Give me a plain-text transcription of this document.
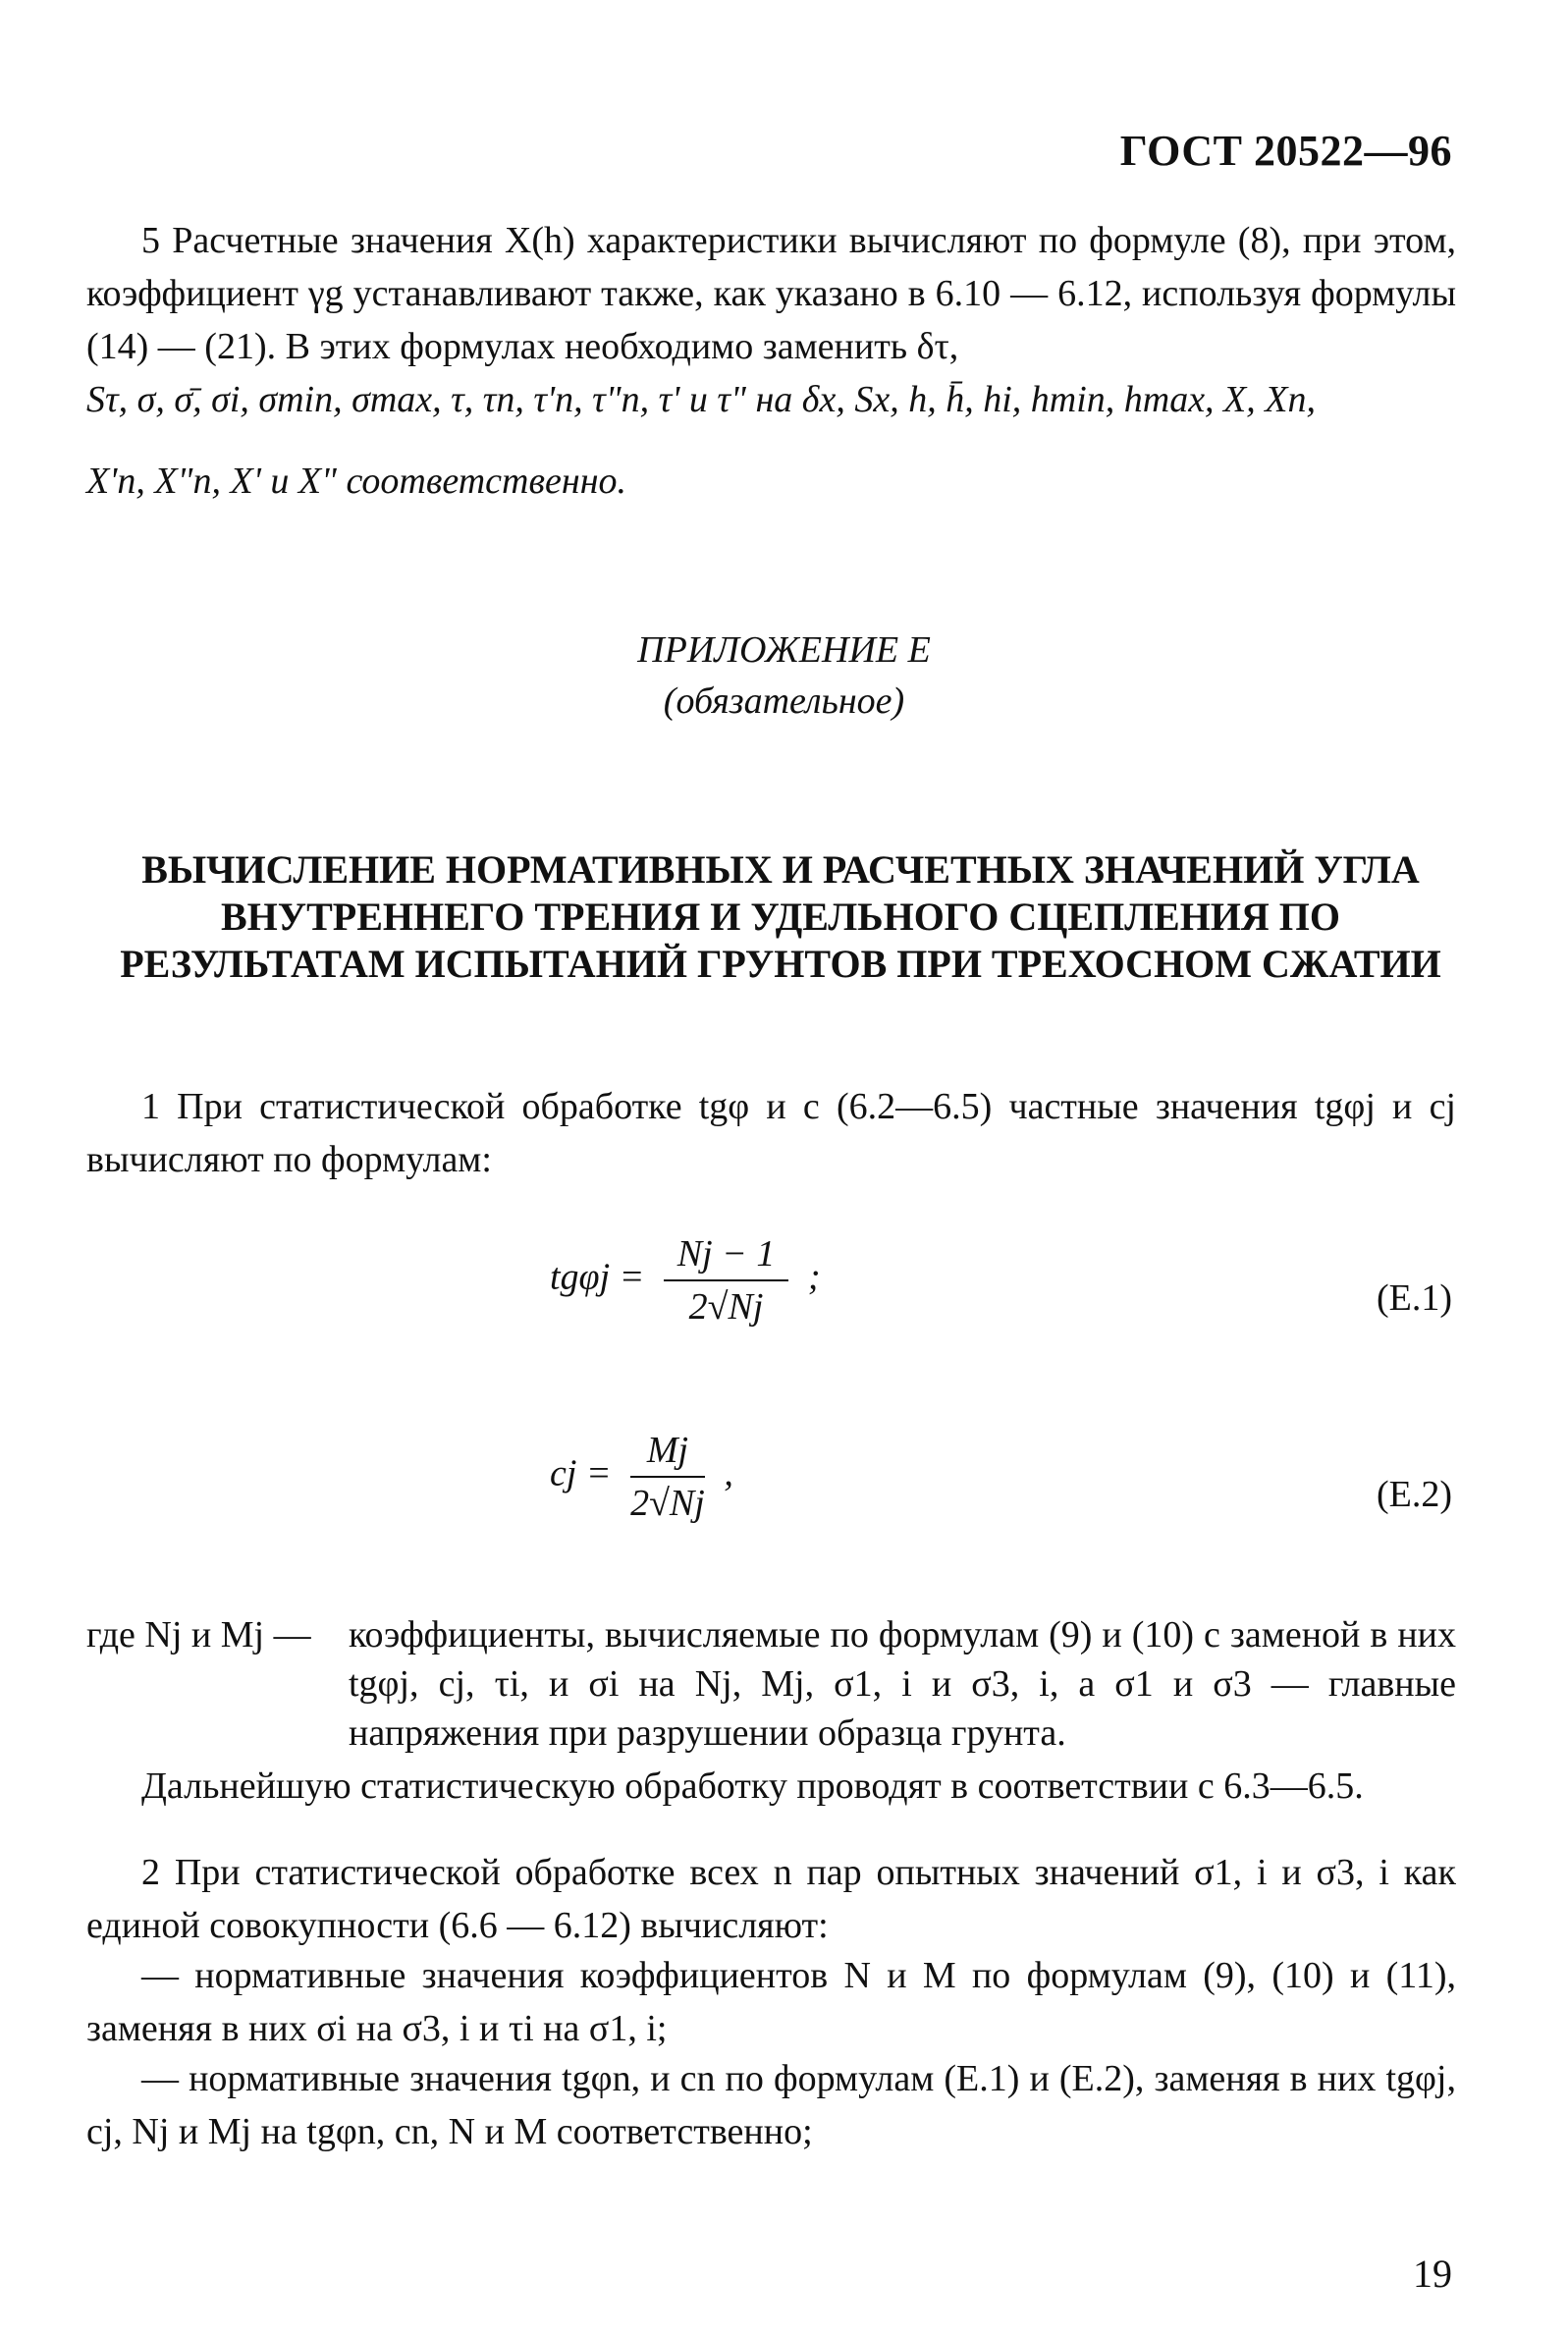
ГОСТ 20522—96
5 Расчетные значения X(h) характеристики вычисляют по формуле (8), при этом, коэффициент γg устанавливают также, как указано в 6.10 — 6.12, используя формулы (14) — (21). В этих формулах необходимо заменить δτ,
Sτ, σ, σ̄, σi, σmin, σmax, τ, τn, τ'n, τ"n, τ' и τ" на δx, Sx, h, h̄, hi, hmin, hmax, X, Xn,
X'n, X"n, X' и X" соответственно.
ПРИЛОЖЕНИЕ Е
(обязательное)
ВЫЧИСЛЕНИЕ НОРМАТИВНЫХ И РАСЧЕТНЫХ ЗНАЧЕНИЙ УГЛА ВНУТРЕННЕГО ТРЕНИЯ И УДЕЛЬНОГО СЦЕПЛЕНИЯ ПО РЕЗУЛЬТАТАМ ИСПЫТАНИЙ ГРУНТОВ ПРИ ТРЕХОСНОМ СЖАТИИ
1 При статистической обработке tgφ и c (6.2—6.5) частные значения tgφj и cj вычисляют по формулам:
$tg\varphi j = \frac{Nj - 1}{2√Nj}$ ;
(Е.1)
cj = $\frac{Mj}{2√Nj}$ ,
(Е.2)
где Nj и Mj — коэффициенты, вычисляемые по формулам (9) и (10) с заменой в них tgφj, cj, τi, и σi на Nj, Mj, σ1, i и σ3, i, а σ1 и σ3 — главные напряжения при разрушении образца грунта.
Дальнейшую статистическую обработку проводят в соответствии с 6.3—6.5.
2 При статистической обработке всех n пар опытных значений σ1, i и σ3, i как единой совокупности (6.6 — 6.12) вычисляют:
— нормативные значения коэффициентов N и M по формулам (9), (10) и (11), заменяя в них σi на σ3, i и τi на σ1, i;
— нормативные значения tgφn, и cn по формулам (Е.1) и (Е.2), заменяя в них tgφj, cj, Nj и Mj на tgφn, cn, N и M соответственно;
19
